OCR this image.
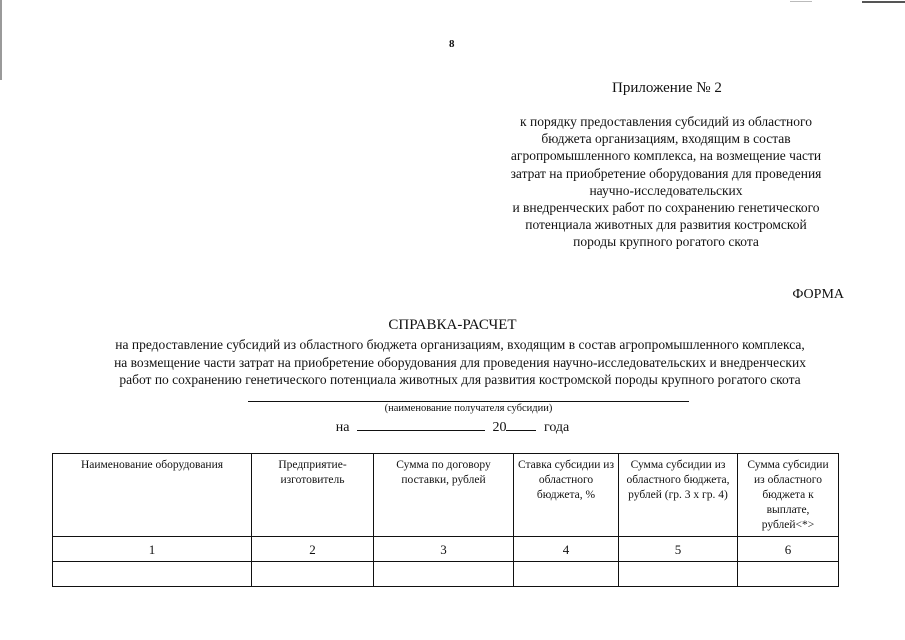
8
Приложение № 2
к порядку предоставления субсидий из областного
бюджета организациям, входящим в состав
агропромышленного комплекса, на возмещение части
затрат на приобретение оборудования для проведения
научно-исследовательских
и внедренческих работ по сохранению генетического
потенциала животных для развития костромской
породы крупного рогатого скота
ФОРМА
СПРАВКА-РАСЧЕТ
на предоставление субсидий из областного бюджета организациям, входящим в состав агропромышленного комплекса,
на возмещение части затрат на приобретение оборудования для проведения научно-исследовательских и внедренческих
работ по сохранению генетического потенциала животных для развития костромской породы крупного рогатого скота
(наименование получателя субсидии)
на	20	года
Наименование оборудования	Предприятие-изготовитель	Сумма по договору поставки, рублей	Ставка субсидии из областного бюджета, %	Сумма субсидии из областного бюджета, рублей (гр. 3 х гр. 4)	Сумма субсидии из областного бюджета к выплате, рублей<*>
1	2	3	4	5	6
